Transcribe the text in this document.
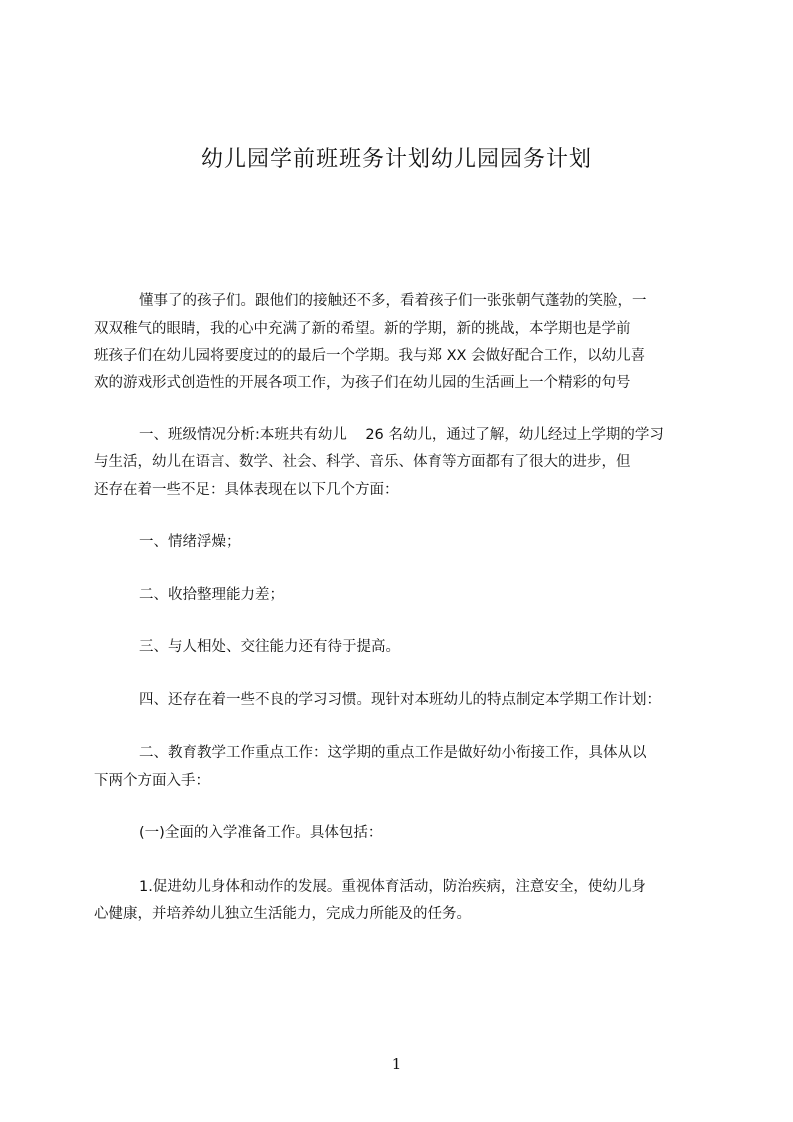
幼儿园学前班班务计划幼儿园园务计划
懂事了的孩子们。跟他们的接触还不多，看着孩子们一张张朝气蓬勃的笑脸，一
双双稚气的眼睛，我的心中充满了新的希望。新的学期，新的挑战，本学期也是学前
班孩子们在幼儿园将要度过的的最后一个学期。我与郑 XX 会做好配合工作，以幼儿喜
欢的游戏形式创造性的开展各项工作，为孩子们在幼儿园的生活画上一个精彩的句号
一、班级情况分析:本班共有幼儿    26 名幼儿，通过了解，幼儿经过上学期的学习
与生活，幼儿在语言、数学、社会、科学、音乐、体育等方面都有了很大的进步，但
还存在着一些不足：具体表现在以下几个方面：
一、情绪浮燥；
二、收拾整理能力差；
三、与人相处、交往能力还有待于提高。
四、还存在着一些不良的学习习惯。现针对本班幼儿的特点制定本学期工作计划：
二、教育教学工作重点工作：这学期的重点工作是做好幼小衔接工作，具体从以
下两个方面入手：
(一)全面的入学准备工作。具体包括：
1.促进幼儿身体和动作的发展。重视体育活动，防治疾病，注意安全，使幼儿身
心健康，并培养幼儿独立生活能力，完成力所能及的任务。
1
